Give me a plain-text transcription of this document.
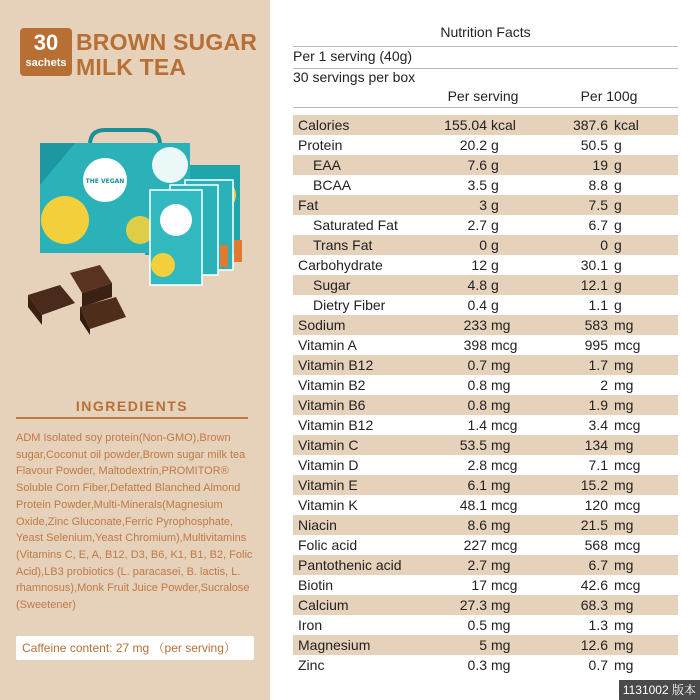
30
sachets
BROWN SUGAR MILK TEA
THE VEGAN
INGREDIENTS
ADM Isolated soy protein(Non-GMO),Brown sugar,Coconut oil powder,Brown sugar milk tea Flavour Powder, Maltodextrin,PROMITOR® Soluble Corn Fiber,Defatted Blanched Almond Protein Powder,Multi-Minerals(Magnesium Oxide,Zinc Gluconate,Ferric Pyrophosphate, Yeast Selenium,Yeast Chromium),Multivitamins (Vitamins C, E, A, B12, D3, B6, K1, B1, B2, Folic Acid),LB3 probiotics (L. paracasei, B. lactis, L. rhamnosus),Monk Fruit Juice Powder,Sucralose (Sweetener)
Caffeine content: 27 mg （per serving）
Nutrition Facts
Per 1 serving (40g)
30 servings per box
Per serving	Per 100g
Calories	155.04 kcal	387.6 kcal
Protein	20.2 g	50.5 g
EAA	7.6 g	19 g
BCAA	3.5 g	8.8 g
Fat	3 g	7.5 g
Saturated Fat	2.7 g	6.7 g
Trans Fat	0 g	0 g
Carbohydrate	12 g	30.1 g
Sugar	4.8 g	12.1 g
Dietry Fiber	0.4 g	1.1 g
Sodium	233 mg	583 mg
Vitamin A	398 mcg	995 mcg
Vitamin B12	0.7 mg	1.7 mg
Vitamin B2	0.8 mg	2 mg
Vitamin B6	0.8 mg	1.9 mg
Vitamin B12	1.4 mcg	3.4 mcg
Vitamin C	53.5 mg	134 mg
Vitamin D	2.8 mcg	7.1 mcg
Vitamin E	6.1 mg	15.2 mg
Vitamin K	48.1 mcg	120 mcg
Niacin	8.6 mg	21.5 mg
Folic acid	227 mcg	568 mcg
Pantothenic acid	2.7 mg	6.7 mg
Biotin	17 mcg	42.6 mcg
Calcium	27.3 mg	68.3 mg
Iron	0.5 mg	1.3 mg
Magnesium	5 mg	12.6 mg
Zinc	0.3 mg	0.7 mg
1131002 版本
